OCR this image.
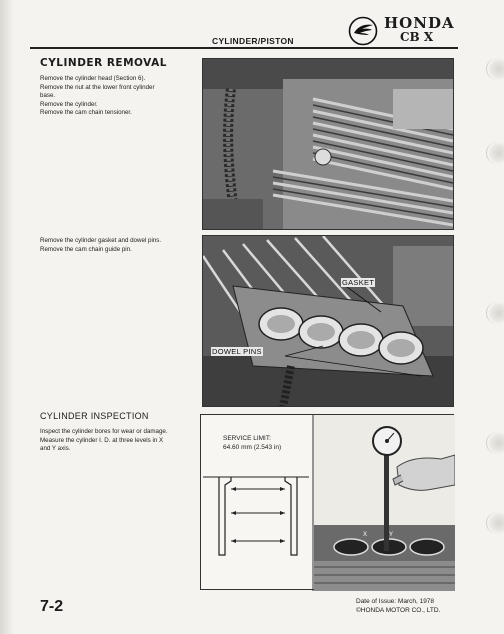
CYLINDER/PISTON
HONDA
CB X
CYLINDER REMOVAL
Remove the cylinder head (Section 6).
Remove the nut at the lower front cylinder
base.
Remove the cylinder.
Remove the cam chain tensioner.
Remove the cylinder gasket and dowel pins.
Remove the cam chain guide pin.
GASKET
DOWEL PINS
CYLINDER INSPECTION
Inspect the cylinder bores for wear or damage.
Measure the cylinder I. D. at three levels in X
and Y axis.
SERVICE LIMIT:
64.60 mm (2.543 in)
X	Y
7-2	Date of Issue: March, 1978
©HONDA MOTOR CO., LTD.
